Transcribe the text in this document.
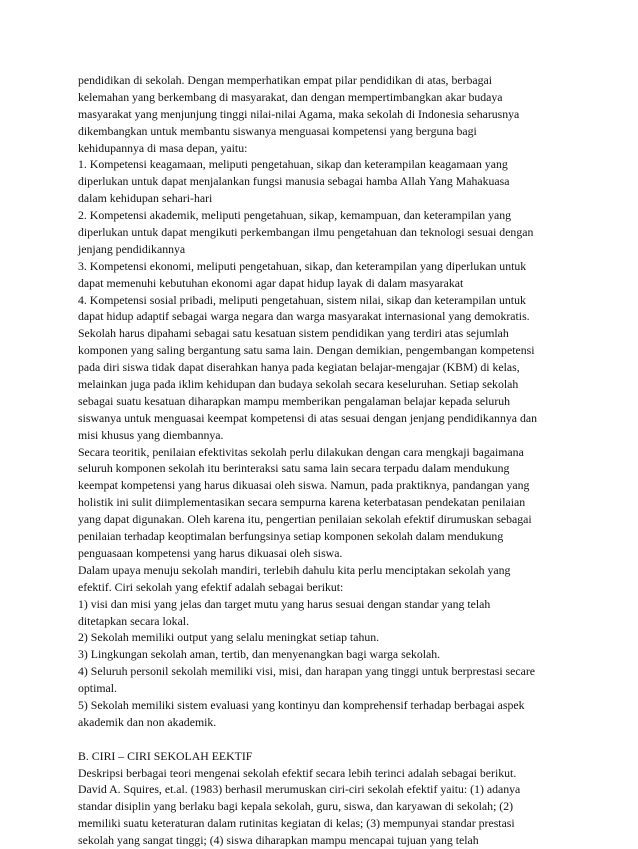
pendidikan di sekolah. Dengan memperhatikan empat pilar pendidikan di atas, berbagai
kelemahan yang berkembang di masyarakat, dan dengan mempertimbangkan akar budaya
masyarakat yang menjunjung tinggi nilai-nilai Agama, maka sekolah di Indonesia seharusnya
dikembangkan untuk membantu siswanya menguasai kompetensi yang berguna bagi
kehidupannya di masa depan, yaitu:
1. Kompetensi keagamaan, meliputi pengetahuan, sikap dan keterampilan keagamaan yang
diperlukan untuk dapat menjalankan fungsi manusia sebagai hamba Allah Yang Mahakuasa
dalam kehidupan sehari-hari
2. Kompetensi akademik, meliputi pengetahuan, sikap, kemampuan, dan keterampilan yang
diperlukan untuk dapat mengikuti perkembangan ilmu pengetahuan dan teknologi sesuai dengan
jenjang pendidikannya
3. Kompetensi ekonomi, meliputi pengetahuan, sikap, dan keterampilan yang diperlukan untuk
dapat memenuhi kebutuhan ekonomi agar dapat hidup layak di dalam masyarakat
4. Kompetensi sosial pribadi, meliputi pengetahuan, sistem nilai, sikap dan keterampilan untuk
dapat hidup adaptif sebagai warga negara dan warga masyarakat internasional yang demokratis.
Sekolah harus dipahami sebagai satu kesatuan sistem pendidikan yang terdiri atas sejumlah
komponen yang saling bergantung satu sama lain. Dengan demikian, pengembangan kompetensi
pada diri siswa tidak dapat diserahkan hanya pada kegiatan belajar-mengajar (KBM) di kelas,
melainkan juga pada iklim kehidupan dan budaya sekolah secara keseluruhan. Setiap sekolah
sebagai suatu kesatuan diharapkan mampu memberikan pengalaman belajar kepada seluruh
siswanya untuk menguasai keempat kompetensi di atas sesuai dengan jenjang pendidikannya dan
misi khusus yang diembannya.
Secara teoritik, penilaian efektivitas sekolah perlu dilakukan dengan cara mengkaji bagaimana
seluruh komponen sekolah itu berinteraksi satu sama lain secara terpadu dalam mendukung
keempat kompetensi yang harus dikuasai oleh siswa. Namun, pada praktiknya, pandangan yang
holistik ini sulit diimplementasikan secara sempurna karena keterbatasan pendekatan penilaian
yang dapat digunakan. Oleh karena itu, pengertian penilaian sekolah efektif dirumuskan sebagai
penilaian terhadap keoptimalan berfungsinya setiap komponen sekolah dalam mendukung
penguasaan kompetensi yang harus dikuasai oleh siswa.
Dalam upaya menuju sekolah mandiri, terlebih dahulu kita perlu menciptakan sekolah yang
efektif. Ciri sekolah yang efektif adalah sebagai berikut:
1) visi dan misi yang jelas dan target mutu yang harus sesuai dengan standar yang telah
ditetapkan secara lokal.
2) Sekolah memiliki output yang selalu meningkat setiap tahun.
3) Lingkungan sekolah aman, tertib, dan menyenangkan bagi warga sekolah.
4) Seluruh personil sekolah memiliki visi, misi, dan harapan yang tinggi untuk berprestasi secare
optimal.
5) Sekolah memiliki sistem evaluasi yang kontinyu dan komprehensif terhadap berbagai aspek
akademik dan non akademik.
B. CIRI – CIRI SEKOLAH EEKTIF
Deskripsi berbagai teori mengenai sekolah efektif secara lebih terinci adalah sebagai berikut.
David A. Squires, et.al. (1983) berhasil merumuskan ciri-ciri sekolah efektif yaitu: (1) adanya
standar disiplin yang berlaku bagi kepala sekolah, guru, siswa, dan karyawan di sekolah; (2)
memiliki suatu keteraturan dalam rutinitas kegiatan di kelas; (3) mempunyai standar prestasi
sekolah yang sangat tinggi; (4) siswa diharapkan mampu mencapai tujuan yang telah
